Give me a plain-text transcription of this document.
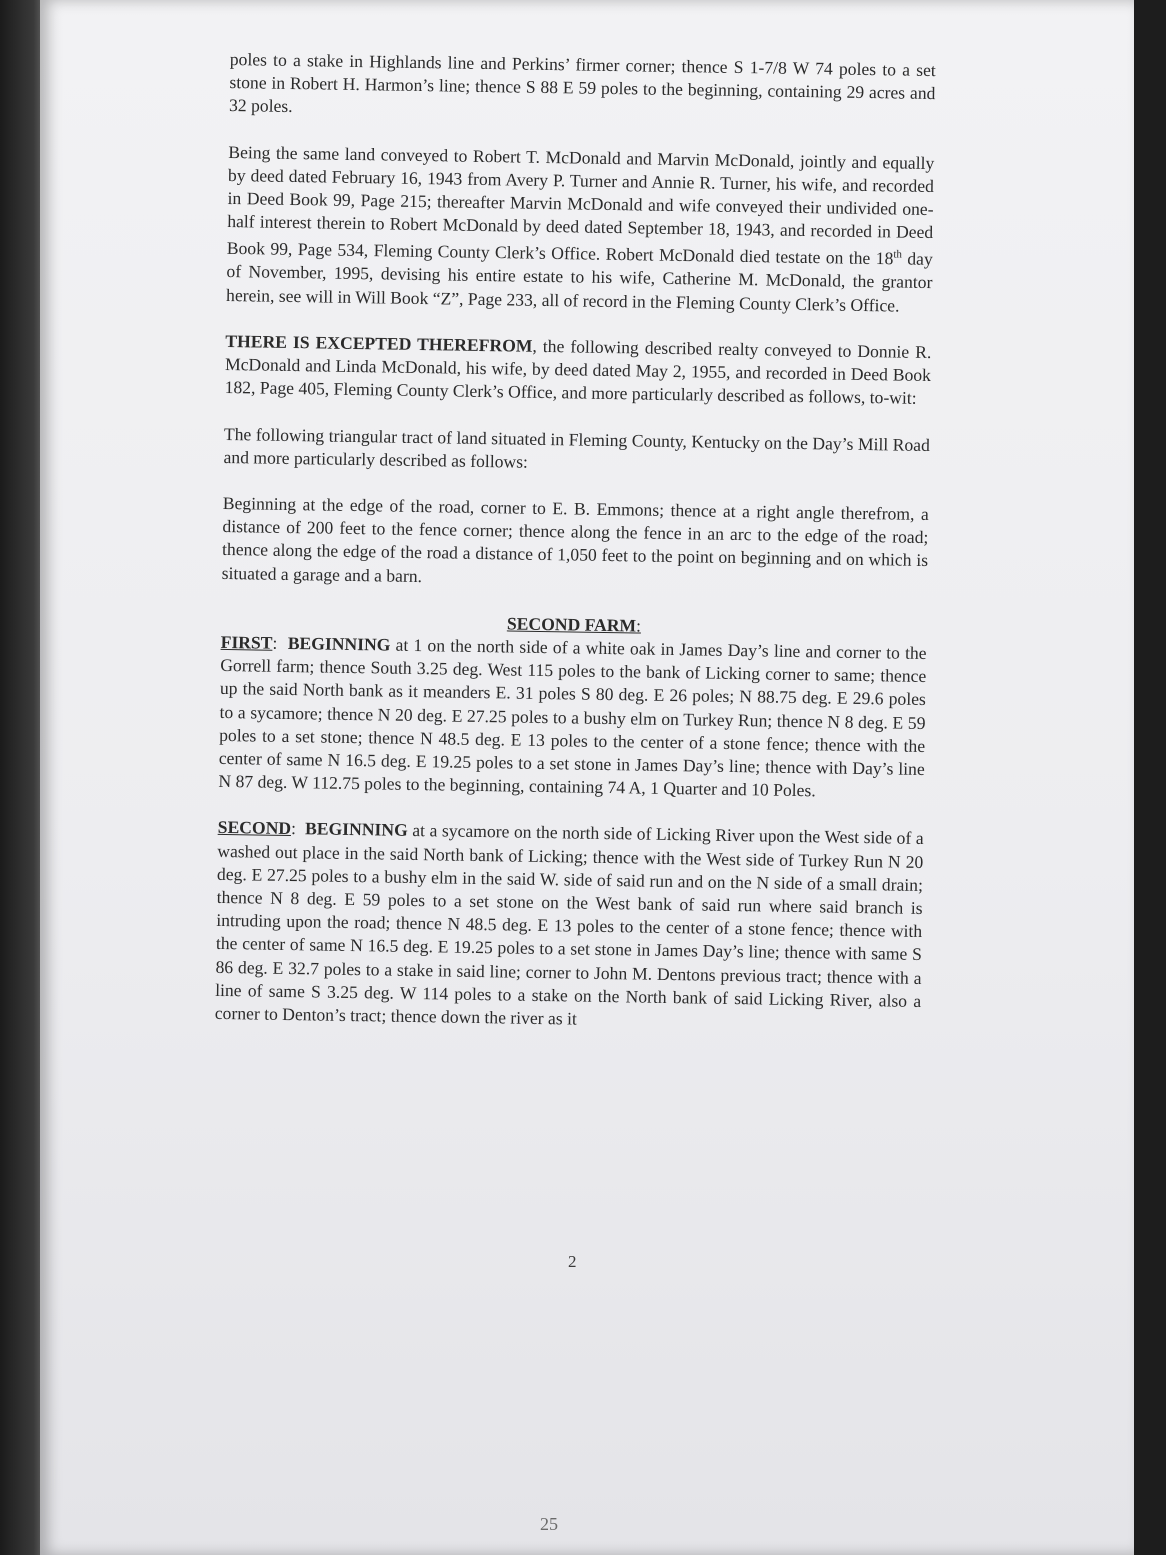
poles to a stake in Highlands line and Perkins’ firmer corner; thence S 1-7/8 W 74 poles to a set stone in Robert H. Harmon’s line; thence S 88 E 59 poles to the beginning, containing 29 acres and 32 poles.

Being the same land conveyed to Robert T. McDonald and Marvin McDonald, jointly and equally by deed dated February 16, 1943 from Avery P. Turner and Annie R. Turner, his wife, and recorded in Deed Book 99, Page 215; thereafter Marvin McDonald and wife conveyed their undivided one-half interest therein to Robert McDonald by deed dated September 18, 1943, and recorded in Deed Book 99, Page 534, Fleming County Clerk’s Office. Robert McDonald died testate on the 18th day of November, 1995, devising his entire estate to his wife, Catherine M. McDonald, the grantor herein, see will in Will Book “Z”, Page 233, all of record in the Fleming County Clerk’s Office.

THERE IS EXCEPTED THEREFROM, the following described realty conveyed to Donnie R. McDonald and Linda McDonald, his wife, by deed dated May 2, 1955, and recorded in Deed Book 182, Page 405, Fleming County Clerk’s Office, and more particularly described as follows, to-wit:

The following triangular tract of land situated in Fleming County, Kentucky on the Day’s Mill Road and more particularly described as follows:

Beginning at the edge of the road, corner to E. B. Emmons; thence at a right angle therefrom, a distance of 200 feet to the fence corner; thence along the fence in an arc to the edge of the road; thence along the edge of the road a distance of 1,050 feet to the point on beginning and on which is situated a garage and a barn.

SECOND FARM:

FIRST: BEGINNING at 1 on the north side of a white oak in James Day’s line and corner to the Gorrell farm; thence South 3.25 deg. West 115 poles to the bank of Licking corner to same; thence up the said North bank as it meanders E. 31 poles S 80 deg. E 26 poles; N 88.75 deg. E 29.6 poles to a sycamore; thence N 20 deg. E 27.25 poles to a bushy elm on Turkey Run; thence N 8 deg. E 59 poles to a set stone; thence N 48.5 deg. E 13 poles to the center of a stone fence; thence with the center of same N 16.5 deg. E 19.25 poles to a set stone in James Day’s line; thence with Day’s line N 87 deg. W 112.75 poles to the beginning, containing 74 A, 1 Quarter and 10 Poles.

SECOND: BEGINNING at a sycamore on the north side of Licking River upon the West side of a washed out place in the said North bank of Licking; thence with the West side of Turkey Run N 20 deg. E 27.25 poles to a bushy elm in the said W. side of said run and on the N side of a small drain; thence N 8 deg. E 59 poles to a set stone on the West bank of said run where said branch is intruding upon the road; thence N 48.5 deg. E 13 poles to the center of a stone fence; thence with the center of same N 16.5 deg. E 19.25 poles to a set stone in James Day’s line; thence with same S 86 deg. E 32.7 poles to a stake in said line; corner to John M. Dentons previous tract; thence with a line of same S 3.25 deg. W 114 poles to a stake on the North bank of said Licking River, also a corner to Denton’s tract; thence down the river as it

2
25
